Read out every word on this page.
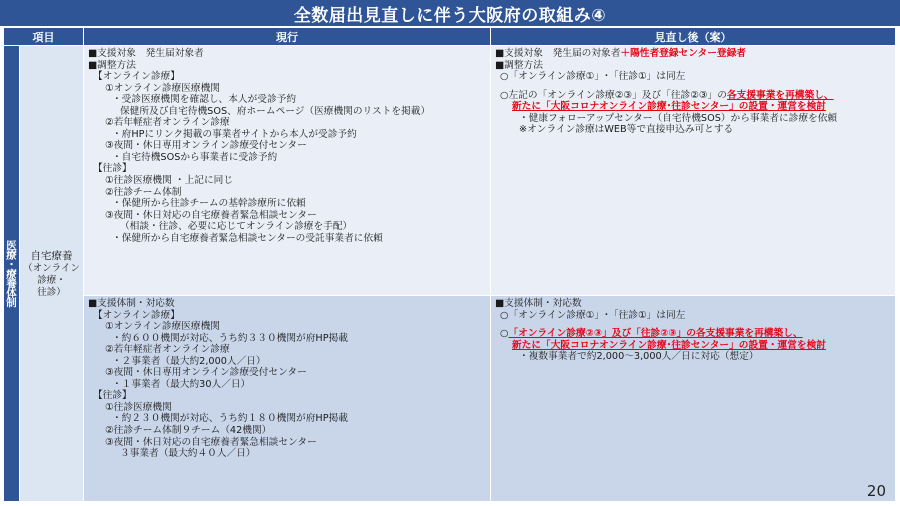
全数届出見直しに伴う大阪府の取組み④
項目	現行	見直し後（案）
医療・療養体制 自宅療養
（オンライン
診療・
往診）
■支援対象　発生届対象者
■調整方法
【オンライン診療】
①オンライン診療医療機関
・受診医療機関を確認し、本人が受診予約
保健所及び自宅待機SOS、府ホームページ（医療機関のリストを掲載）
②若年軽症者オンライン診療
・府HPにリンク掲載の事業者サイトから本人が受診予約
③夜間・休日専用オンライン診療受付センター
・自宅待機SOSから事業者に受診予約
【往診】
①往診医療機関 ・上記に同じ
②往診チーム体制
・保健所から往診チームの基幹診療所に依頼
③夜間・休日対応の自宅療養者緊急相談センター
（相談・往診、必要に応じてオンライン診療を手配）
・保健所から自宅療養者緊急相談センターの受託事業者に依頼
■支援対象　発生届の対象者＋陽性者登録センター登録者
■調整方法
○「オンライン診療①」･「往診①」は同左
○左記の「オンライン診療②③」及び「往診②③」の各支援事業を再構築し、
新たに「大阪コロナオンライン診療･往診センター」の設置・運営を検討
・健康フォローアップセンター（自宅待機SOS）から事業者に診療を依頼
※オンライン診療はWEB等で直接申込み可とする
■支援体制・対応数
【オンライン診療】
①オンライン診療医療機関
・約６００機関が対応、うち約３３０機関が府HP掲載
②若年軽症者オンライン診療
・２事業者（最大約2,000人／日）
③夜間・休日専用オンライン診療受付センター
・１事業者（最大約30人／日）
【往診】
①往診医療機関
・約２３０機関が対応、うち約１８０機関が府HP掲載
②往診チーム体制９チーム（42機関）
③夜間・休日対応の自宅療養者緊急相談センター
３事業者（最大約４０人／日）
■支援体制・対応数
○「オンライン診療①」･「往診①」は同左
○「オンライン診療②③」及び「往診②③」の各支援事業を再構築し、
新たに「大阪コロナオンライン診療･往診センター」の設置・運営を検討
・複数事業者で約2,000～3,000人／日に対応（想定）
20
